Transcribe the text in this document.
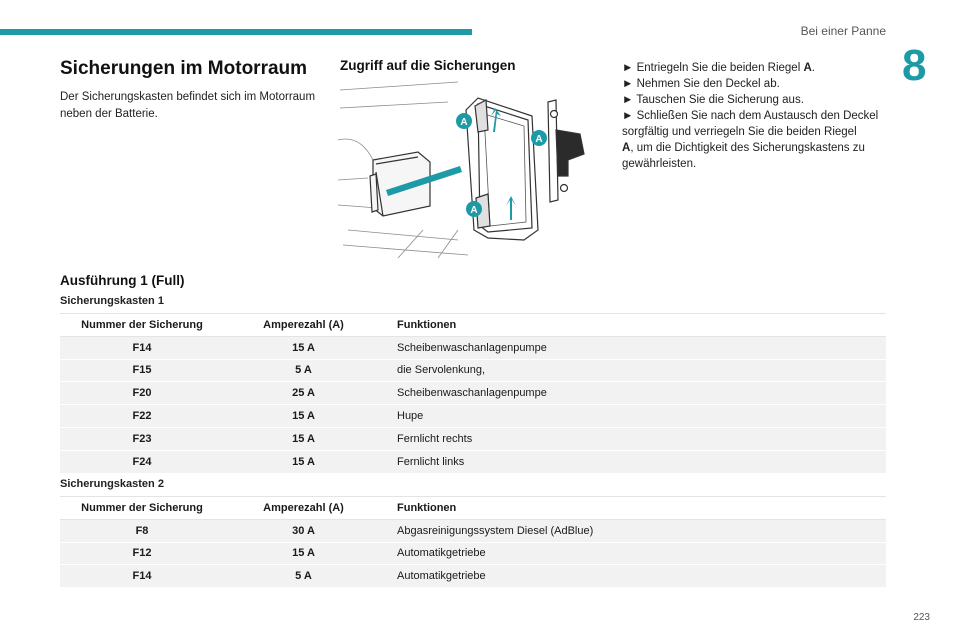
Bei einer Panne
8
Sicherungen im Motorraum
Der Sicherungskasten befindet sich im Motorraum neben der Batterie.
Zugriff auf die Sicherungen
A
A
A
► Entriegeln Sie die beiden Riegel A.
► Nehmen Sie den Deckel ab.
► Tauschen Sie die Sicherung aus.
► Schließen Sie nach dem Austausch den Deckel
sorgfältig und verriegeln Sie die beiden Riegel
A, um die Dichtigkeit des Sicherungskastens zu
gewährleisten.
Ausführung 1 (Full)
Sicherungskasten 1
Nummer der Sicherung	Amperezahl (A)	Funktionen
F14	15 A	Scheibenwaschanlagenpumpe
F15	5 A	die Servolenkung,
F20	25 A	Scheibenwaschanlagenpumpe
F22	15 A	Hupe
F23	15 A	Fernlicht rechts
F24	15 A	Fernlicht links
Sicherungskasten 2
Nummer der Sicherung	Amperezahl (A)	Funktionen
F8	30 A	Abgasreinigungssystem Diesel (AdBlue)
F12	15 A	Automatikgetriebe
F14	5 A	Automatikgetriebe
223
